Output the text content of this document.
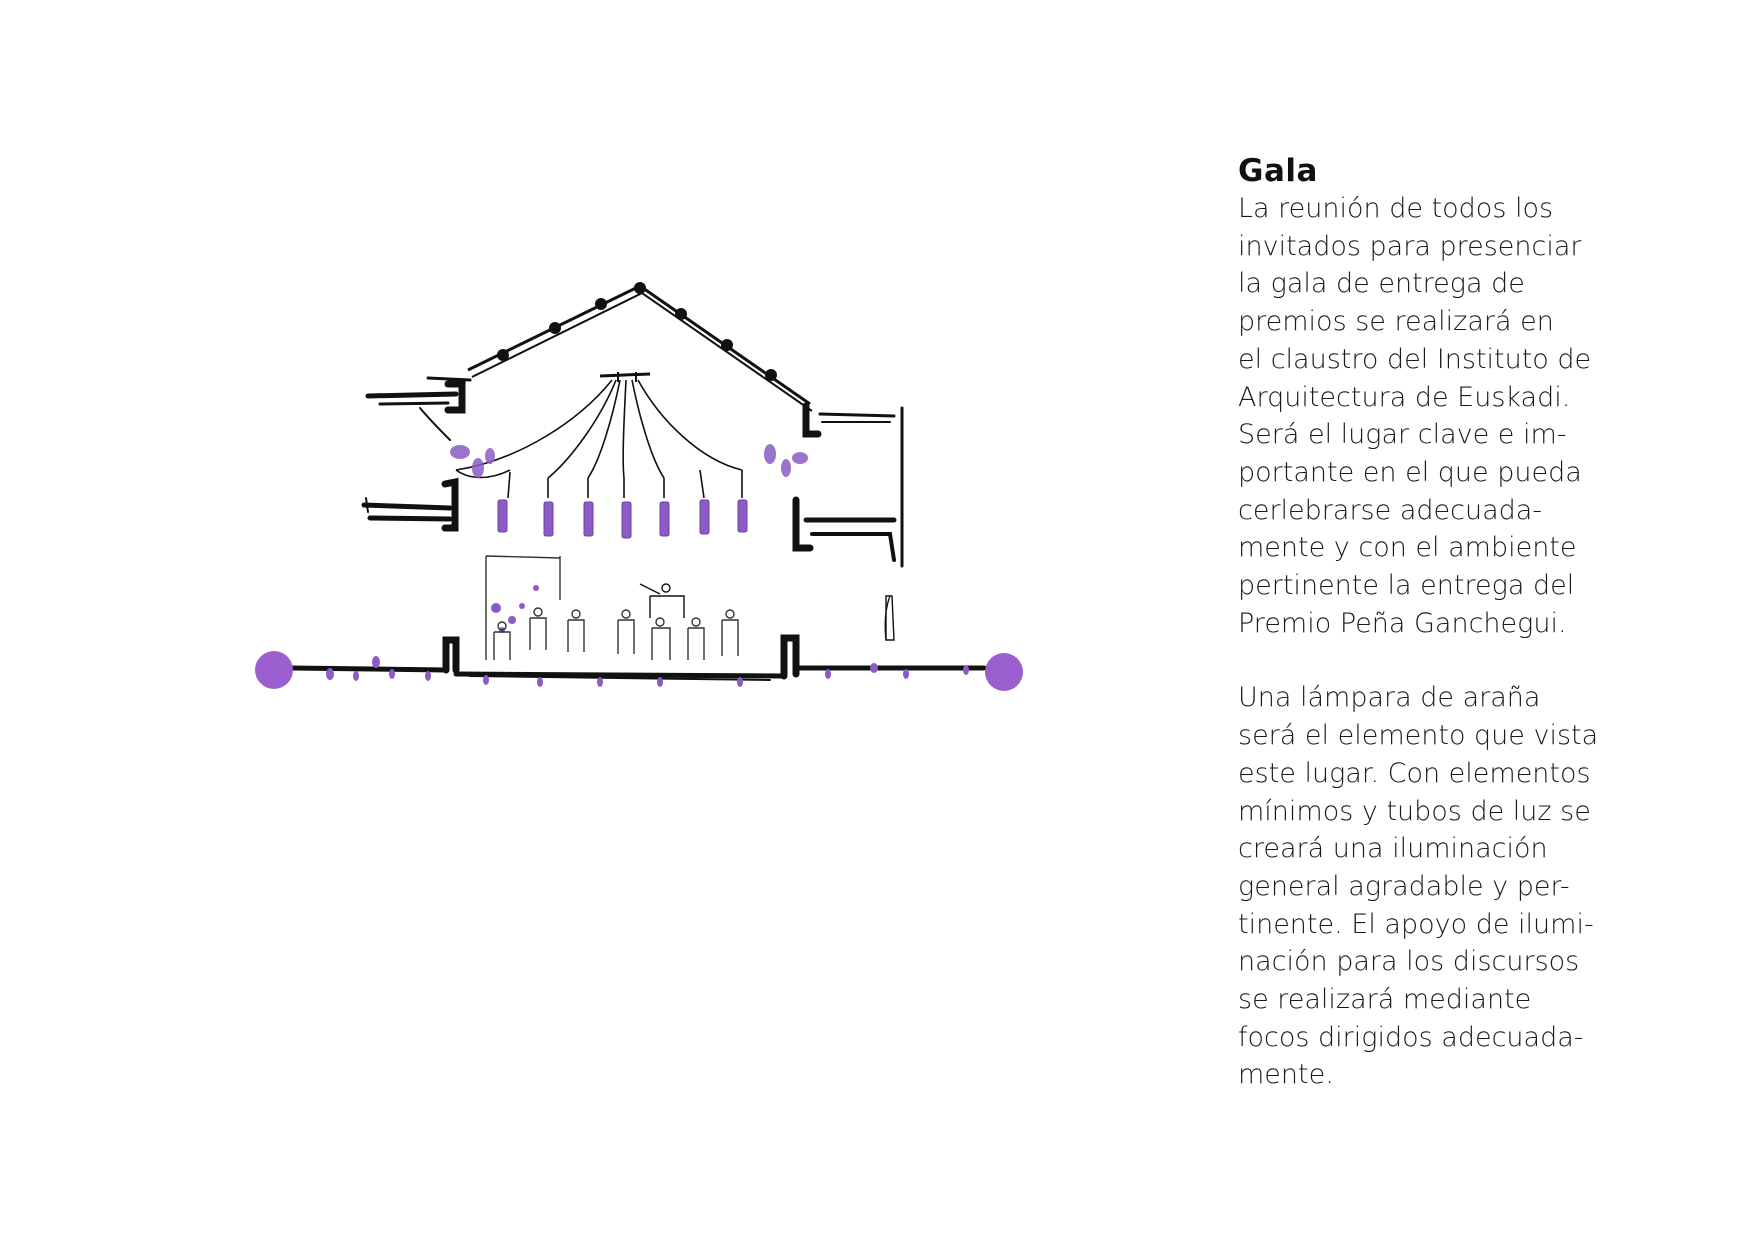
Gala

La reunión de todos los
invitados para presenciar
la gala de entrega de
premios se realizará en
el claustro del Instituto de
Arquitectura de Euskadi.
Será el lugar clave e im-
portante en el que pueda
cerlebrarse adecuada-
mente y con el ambiente
pertinente la entrega del
Premio Peña Ganchegui.

Una lámpara de araña
será el elemento que vista
este lugar. Con elementos
mínimos y tubos de luz se
creará una iluminación
general agradable y per-
tinente. El apoyo de ilumi-
nación para los discursos
se realizará mediante
focos dirigidos adecuada-
mente.
